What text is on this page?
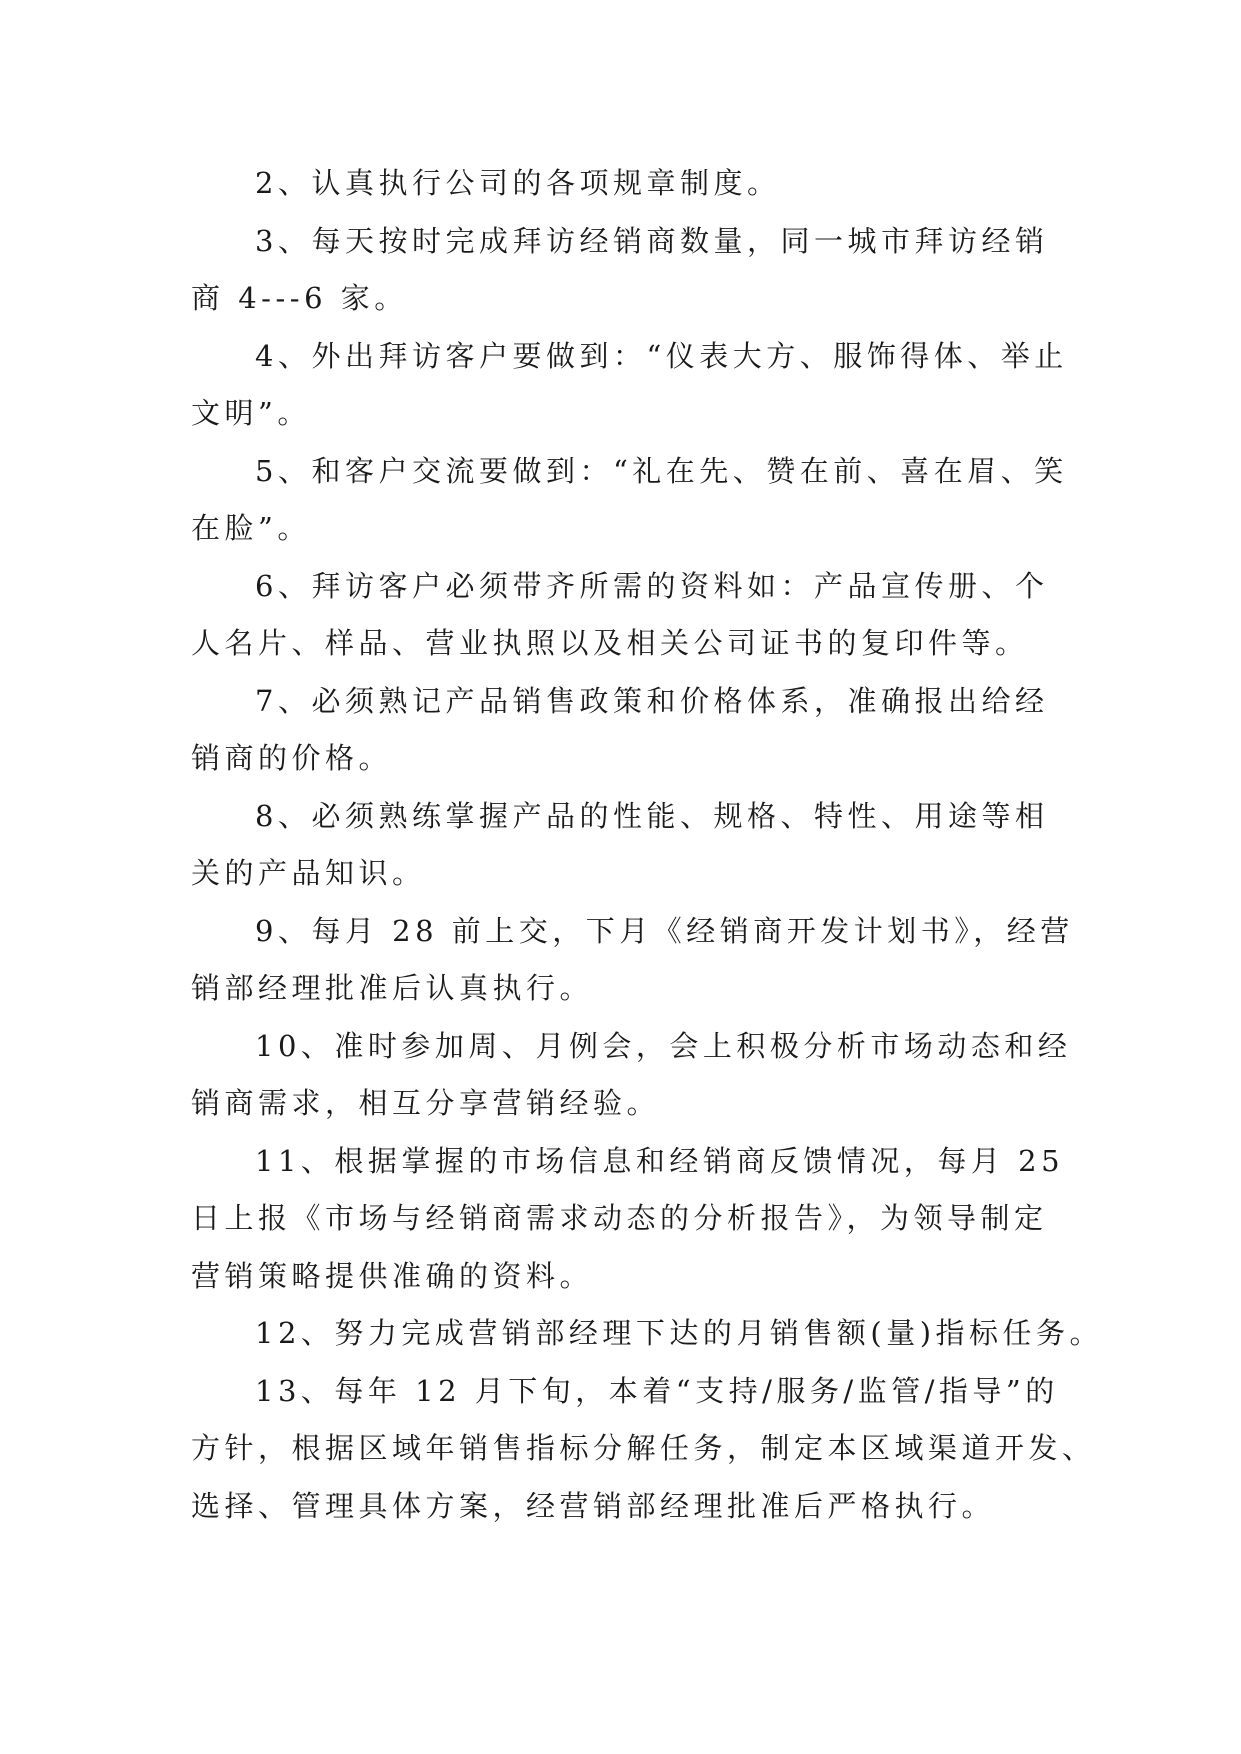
2、认真执行公司的各项规章制度。

3、每天按时完成拜访经销商数量，同一城市拜访经销
商 4---6 家。

4、外出拜访客户要做到：“仪表大方、服饰得体、举止
文明”。

5、和客户交流要做到：“礼在先、赞在前、喜在眉、笑
在脸”。

6、拜访客户必须带齐所需的资料如：产品宣传册、个
人名片、样品、营业执照以及相关公司证书的复印件等。

7、必须熟记产品销售政策和价格体系，准确报出给经
销商的价格。

8、必须熟练掌握产品的性能、规格、特性、用途等相
关的产品知识。

9、每月 28 前上交，下月《经销商开发计划书》，经营
销部经理批准后认真执行。

10、准时参加周、月例会，会上积极分析市场动态和经
销商需求，相互分享营销经验。

11、根据掌握的市场信息和经销商反馈情况，每月 25
日上报《市场与经销商需求动态的分析报告》，为领导制定
营销策略提供准确的资料。

12、努力完成营销部经理下达的月销售额(量)指标任务。

13、每年 12 月下旬，本着“支持/服务/监管/指导”的
方针，根据区域年销售指标分解任务，制定本区域渠道开发、
选择、管理具体方案，经营销部经理批准后严格执行。
